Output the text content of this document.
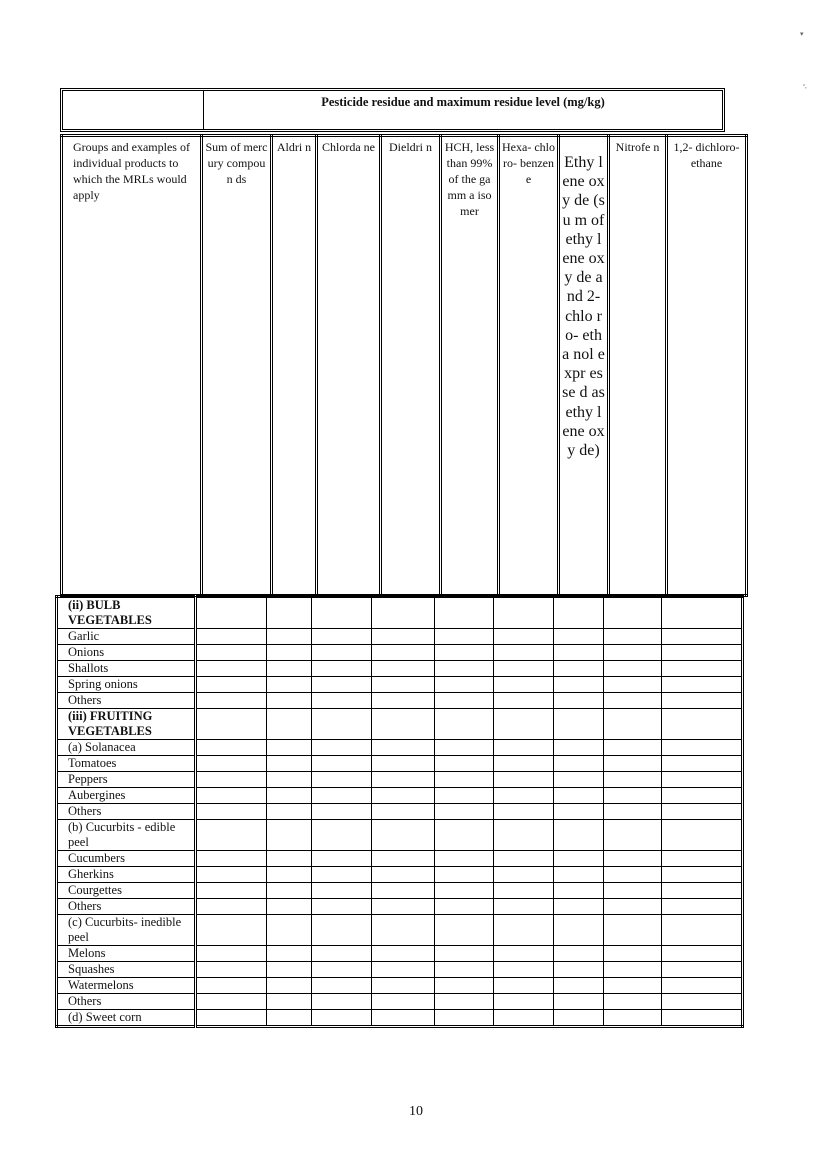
▾
ᵒ,
Pesticide residue and maximum residue level (mg/kg)
Groups and examples of individual products to which the MRLs would apply	Sum of mercury compoun ds	Aldri n	Chlorda ne	Dieldri n	HCH, less than 99% of the gamm a isomer	Hexa- chloro- benzen e	Ethy lene oxy de (su m of ethy lene oxy de and 2- chlo ro- etha nol expr esse d as ethy lene oxy de)	Nitrofe n	1,2- dichloro- ethane
(ii) BULB VEGETABLES									
Garlic									
Onions									
Shallots									
Spring onions									
Others									
(iii) FRUITING VEGETABLES									
(a) Solanacea									
Tomatoes									
Peppers									
Aubergines									
Others									
(b) Cucurbits - edible peel									
Cucumbers									
Gherkins									
Courgettes									
Others									
(c) Cucurbits- inedible peel									
Melons									
Squashes									
Watermelons									
Others									
(d) Sweet corn									
10
